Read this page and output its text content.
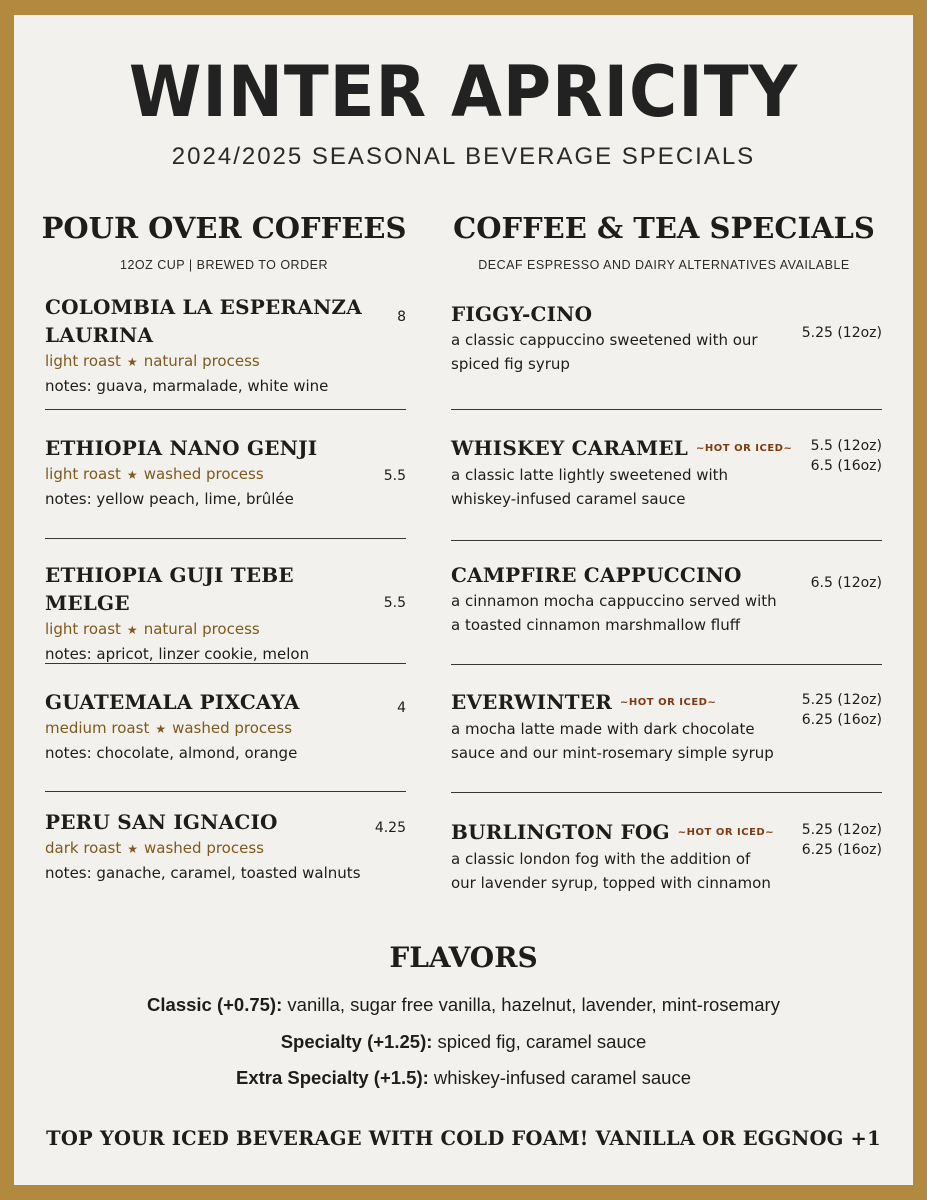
WINTER APRICITY
2024/2025 SEASONAL BEVERAGE SPECIALS
POUR OVER COFFEES
12OZ CUP | BREWED TO ORDER
COLOMBIA LA ESPERANZA
LAURINA
light roast ★ natural process
notes: guava, marmalade, white wine
8
ETHIOPIA NANO GENJI
light roast ★ washed process
notes: yellow peach, lime, brûlée
5.5
ETHIOPIA GUJI TEBE MELGE
light roast ★ natural process
notes: apricot, linzer cookie, melon
5.5
GUATEMALA PIXCAYA
medium roast ★ washed process
notes: chocolate, almond, orange
4
PERU SAN IGNACIO
dark roast ★ washed process
notes: ganache, caramel, toasted walnuts
4.25
COFFEE & TEA SPECIALS
DECAF ESPRESSO AND DAIRY ALTERNATIVES AVAILABLE
FIGGY-CINO
a classic cappuccino sweetened with our
spiced fig syrup
5.25 (12oz)
WHISKEY CARAMEL $^{\sim HOT OR ICED\sim}$
a classic latte lightly sweetened with
whiskey-infused caramel sauce
5.5 (12oz)
6.5 (16oz)
CAMPFIRE CAPPUCCINO
a cinnamon mocha cappuccino served with
a toasted cinnamon marshmallow fluff
6.5 (12oz)
EVERWINTER $^{\sim HOT OR ICED\sim}$
a mocha latte made with dark chocolate
sauce and our mint-rosemary simple syrup
5.25 (12oz)
6.25 (16oz)
BURLINGTON FOG $^{\sim HOT OR ICED\sim}$
a classic london fog with the addition of
our lavender syrup, topped with cinnamon
5.25 (12oz)
6.25 (16oz)
FLAVORS
Classic (+0.75): vanilla, sugar free vanilla, hazelnut, lavender, mint-rosemary
Specialty (+1.25): spiced fig, caramel sauce
Extra Specialty (+1.5): whiskey-infused caramel sauce
TOP YOUR ICED BEVERAGE WITH COLD FOAM! VANILLA OR EGGNOG +1
